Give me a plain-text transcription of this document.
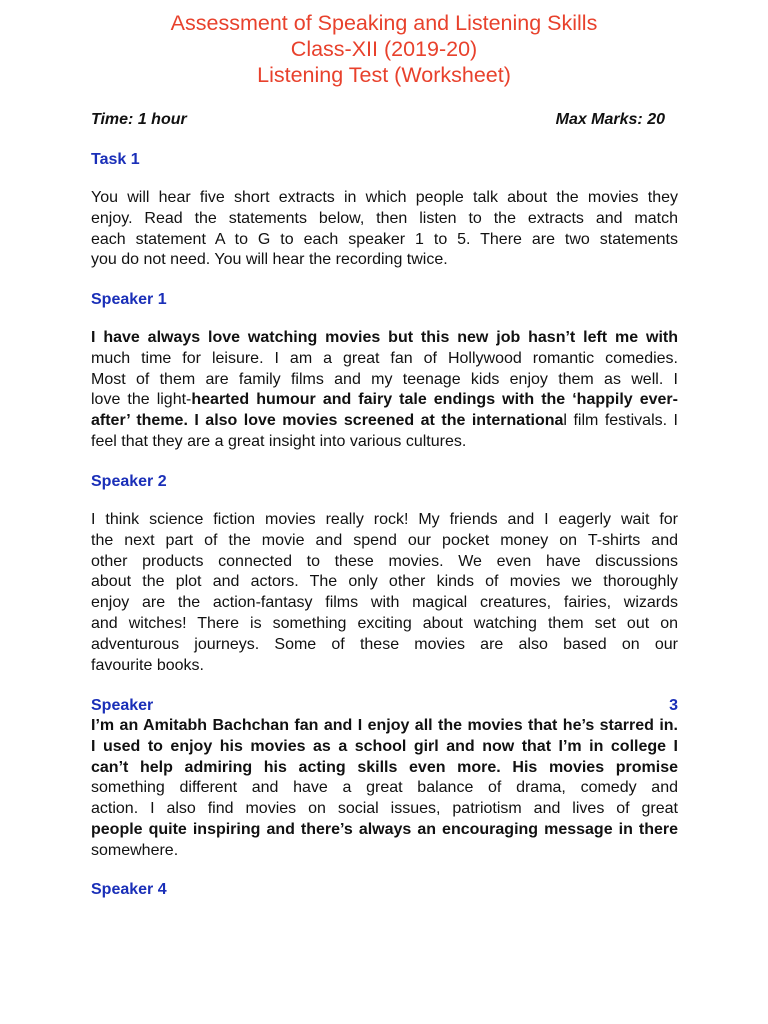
Assessment of Speaking and Listening Skills
Class-XII (2019-20)
Listening Test (Worksheet)
Time: 1 hour	Max Marks: 20
Task 1
You will hear five short extracts in which people talk about the movies they
enjoy. Read the statements below, then listen to the extracts and match
each statement A to G to each speaker 1 to 5. There are two statements
you do not need. You will hear the recording twice.
Speaker 1
I have always love watching movies but this new job hasn’t left me with
much time for leisure. I am a great fan of Hollywood romantic comedies.
Most of them are family films and my teenage kids enjoy them as well. I
love the light-hearted humour and fairy tale endings with the ‘happily ever-
after’ theme. I also love movies screened at the international film festivals. I
feel that they are a great insight into various cultures.
Speaker 2
I think science fiction movies really rock! My friends and I eagerly wait for
the next part of the movie and spend our pocket money on T-shirts and
other products connected to these movies. We even have discussions
about the plot and actors. The only other kinds of movies we thoroughly
enjoy are the action-fantasy films with magical creatures, fairies, wizards
and witches! There is something exciting about watching them set out on
adventurous journeys. Some of these movies are also based on our
favourite books.
Speaker	3
I’m an Amitabh Bachchan fan and I enjoy all the movies that he’s starred in.
I used to enjoy his movies as a school girl and now that I’m in college I
can’t help admiring his acting skills even more. His movies promise
something different and have a great balance of drama, comedy and
action. I also find movies on social issues, patriotism and lives of great
people quite inspiring and there’s always an encouraging message in there
somewhere.
Speaker 4
